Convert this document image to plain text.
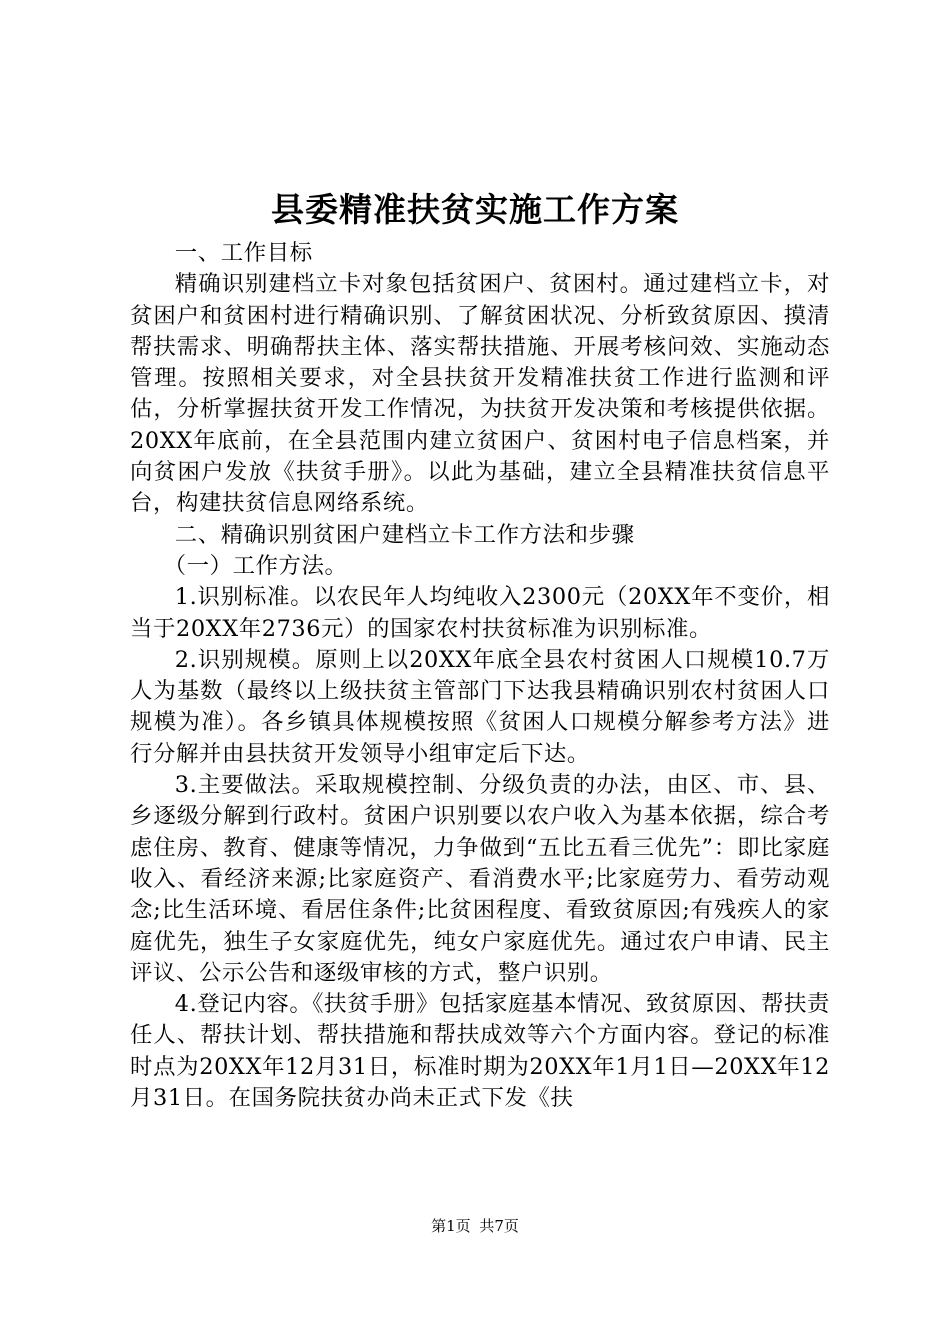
县委精准扶贫实施工作方案

一、工作目标

精确识别建档立卡对象包括贫困户、贫困村。通过建档立卡，对贫困户和贫困村进行精确识别、了解贫困状况、分析致贫原因、摸清帮扶需求、明确帮扶主体、落实帮扶措施、开展考核问效、实施动态管理。按照相关要求，对全县扶贫开发精准扶贫工作进行监测和评估，分析掌握扶贫开发工作情况，为扶贫开发决策和考核提供依据。20XX年底前，在全县范围内建立贫困户、贫困村电子信息档案，并向贫困户发放《扶贫手册》。以此为基础，建立全县精准扶贫信息平台，构建扶贫信息网络系统。

二、精确识别贫困户建档立卡工作方法和步骤

（一）工作方法。

1.识别标准。以农民年人均纯收入2300元（20XX年不变价，相当于20XX年2736元）的国家农村扶贫标准为识别标准。

2.识别规模。原则上以20XX年底全县农村贫困人口规模10.7万人为基数（最终以上级扶贫主管部门下达我县精确识别农村贫困人口规模为准）。各乡镇具体规模按照《贫困人口规模分解参考方法》进行分解并由县扶贫开发领导小组审定后下达。

3.主要做法。采取规模控制、分级负责的办法，由区、市、县、乡逐级分解到行政村。贫困户识别要以农户收入为基本依据，综合考虑住房、教育、健康等情况，力争做到“五比五看三优先”：即比家庭收入、看经济来源;比家庭资产、看消费水平;比家庭劳力、看劳动观念;比生活环境、看居住条件;比贫困程度、看致贫原因;有残疾人的家庭优先，独生子女家庭优先，纯女户家庭优先。通过农户申请、民主评议、公示公告和逐级审核的方式，整户识别。

4.登记内容。《扶贫手册》包括家庭基本情况、致贫原因、帮扶责任人、帮扶计划、帮扶措施和帮扶成效等六个方面内容。登记的标准时点为20XX年12月31日，标准时期为20XX年1月1日—20XX年12月31日。在国务院扶贫办尚未正式下发《扶

第1页 共7页
